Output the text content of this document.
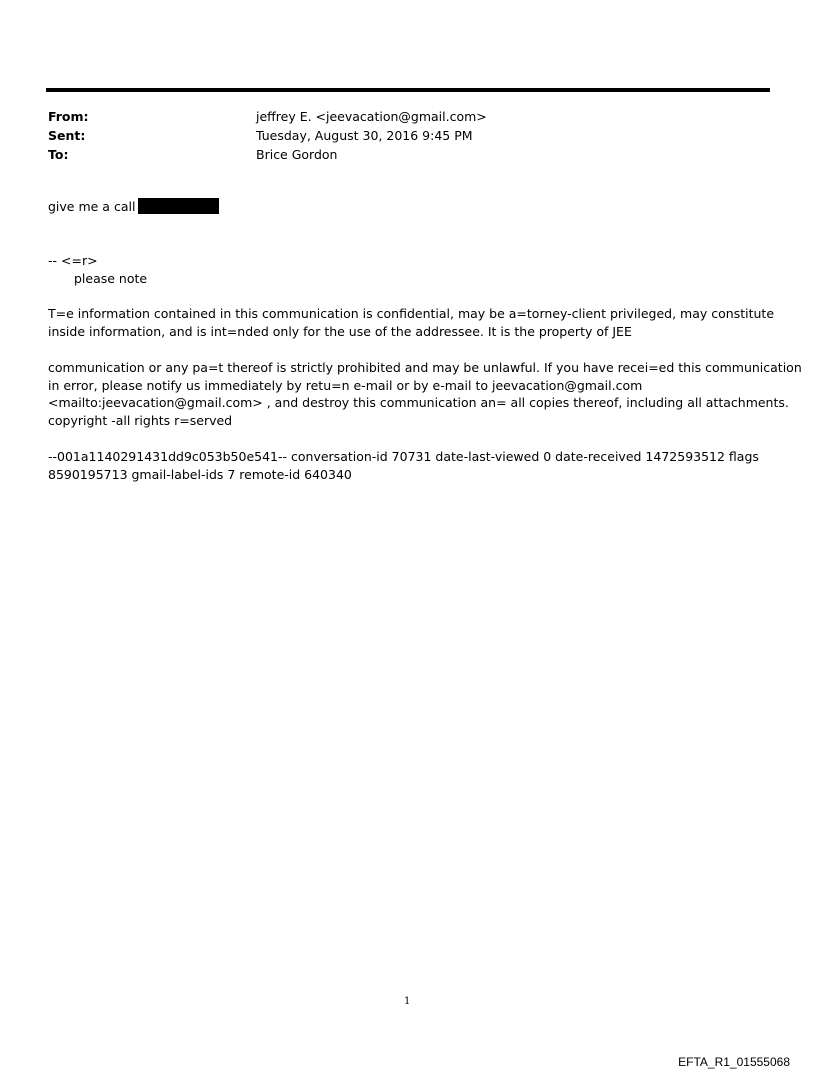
From:	jeffrey E. <jeevacation@gmail.com>
Sent:	Tuesday, August 30, 2016 9:45 PM
To:	Brice Gordon
give me a call
-- <=r>
please note
T=e information contained in this communication is confidential, may be a=torney-client privileged, may constitute
inside information, and is int=nded only for the use of the addressee. It is the property of JEE
communication or any pa=t thereof is strictly prohibited and may be unlawful. If you have recei=ed this communication
in error, please notify us immediately by retu=n e-mail or by e-mail to jeevacation@gmail.com
<mailto:jeevacation@gmail.com> , and destroy this communication an= all copies thereof, including all attachments.
copyright -all rights r=served
--001a1140291431dd9c053b50e541-- conversation-id 70731 date-last-viewed 0 date-received 1472593512 flags
8590195713 gmail-label-ids 7 remote-id 640340
1
EFTA_R1_01555068
